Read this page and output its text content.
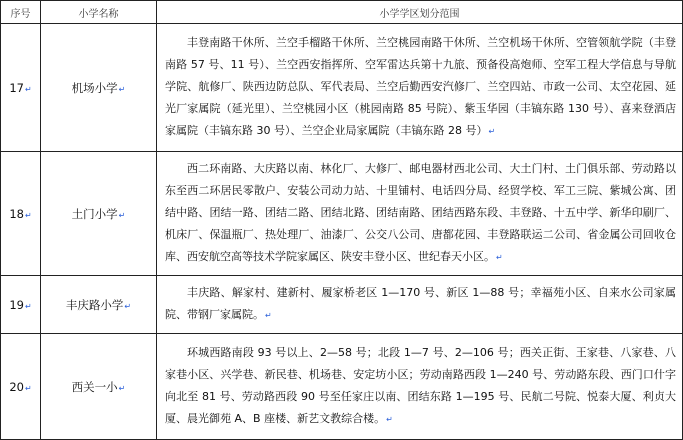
序号	小学名称	小学学区划分范围
17↵	机场小学↵	丰登南路干休所、兰空手榴路干休所、兰空桃园南路干休所、兰空机场干休所、空管领航学院（丰登南路 57 号、11 号）、兰空西安指挥所、空军雷达兵第十九旅、预备役高炮师、空军工程大学信息与导航学院、航修厂、陕西边防总队、军代表局、兰空后勤西安汽修厂、兰空四站、市政一公司、太空花园、延光厂家属院（延光里）、兰空桃园小区（桃园南路 85 号院）、紫玉华园（丰镐东路 130 号）、喜来登酒店家属院（丰镐东路 30 号）、兰空企业局家属院（丰镐东路 28 号）↵
18↵	土门小学↵	西二环南路、大庆路以南、林化厂、大修厂、邮电器材西北公司、大土门村、土门俱乐部、劳动路以东至西二环居民零散户、安装公司动力站、十里铺村、电话四分局、经贸学校、军工三院、紫城公寓、团结中路、团结一路、团结二路、团结北路、团结南路、团结西路东段、丰登路、十五中学、新华印刷厂、机床厂、保温瓶厂、热处理厂、油漆厂、公交八公司、唐都花园、丰登路联运二公司、省金属公司回收仓库、西安航空高等技术学院家属区、陕安丰登小区、世纪春天小区。↵
19↵	丰庆路小学↵	丰庆路、解家村、建新村、履家桥老区 1—170 号、新区 1—88 号；幸福苑小区、自来水公司家属院、带钢厂家属院。↵
20↵	西关一小↵	环城西路南段 93 号以上、2—58 号；北段 1—7 号、2—106 号；西关正街、王家巷、八家巷、八家巷小区、兴学巷、新民巷、机场巷、安定坊小区；劳动南路西段 1—240 号、劳动路东段、西门口什字向北至 81 号、劳动路西段 90 号至任家庄以南、团结东路 1—195 号、民航二号院、悦泰大厦、利贞大厦、晨光御苑 A、B 座楼、新艺文教综合楼。↵
